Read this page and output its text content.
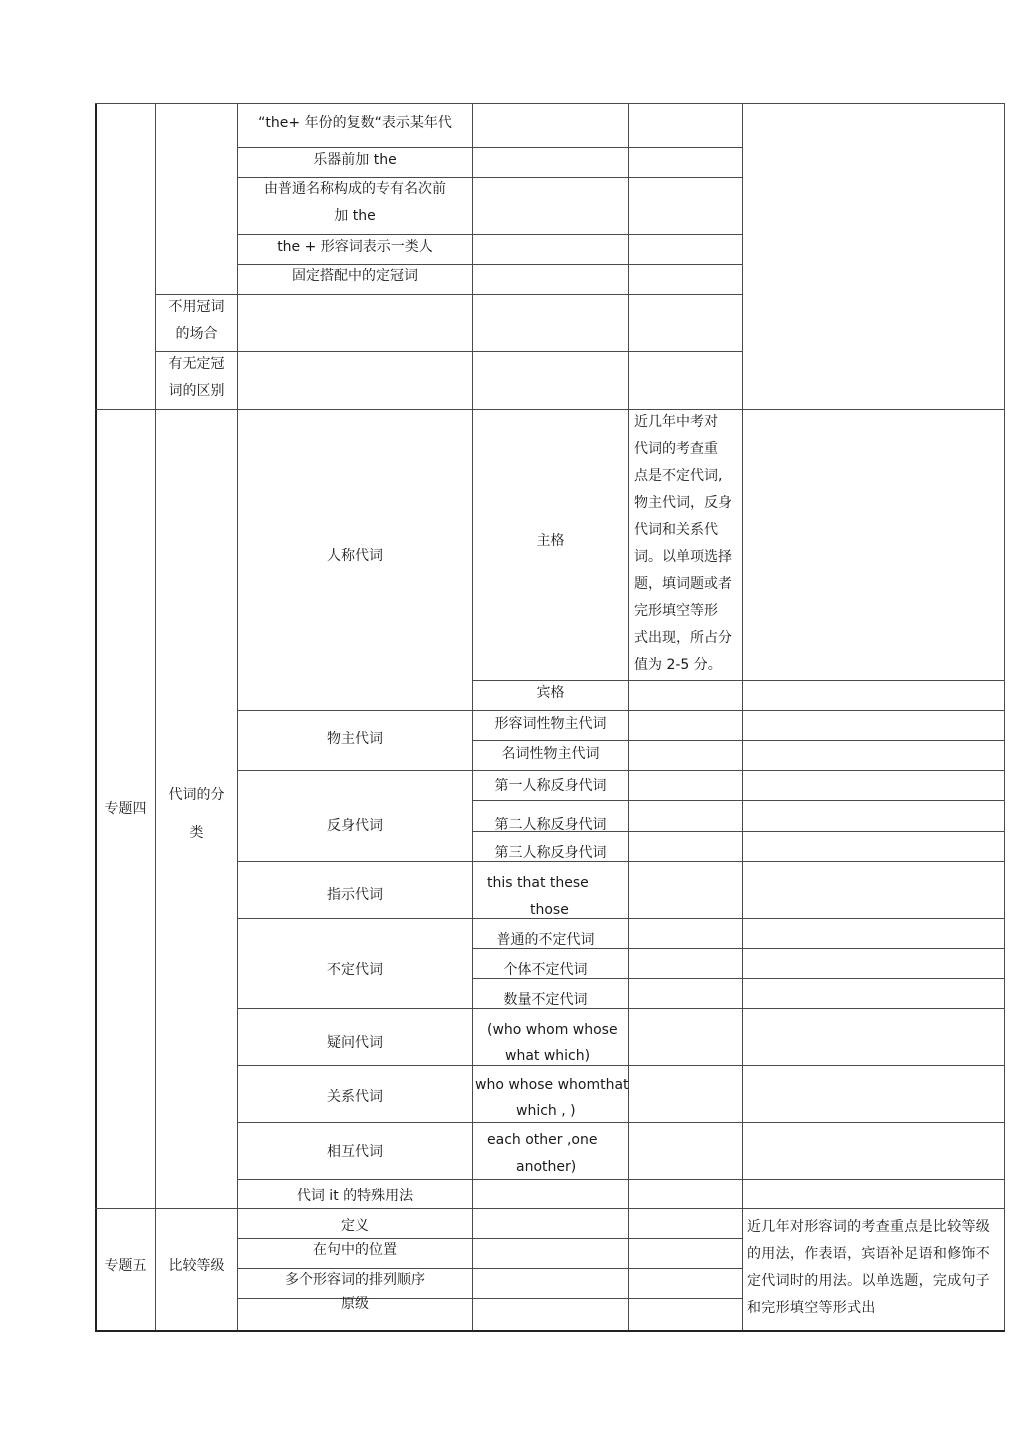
“the+ 年份的复数“表示某年代
乐器前加 the
由普通名称构成的专有名次前
加 the
the + 形容词表示一类人
固定搭配中的定冠词
不用冠词
的场合
有无定冠
词的区别
专题四
代词的分
类
近几年中考对
代词的考查重
点是不定代词,
物主代词，反身
代词和关系代
词。以单项选择
题，填词题或者
完形填空等形
式出现，所占分
值为 2-5 分。
人称代词
主格
宾格
物主代词
形容词性物主代词
名词性物主代词
反身代词
第一人称反身代词
第二人称反身代词
第三人称反身代词
指示代词
this that these
those
不定代词
普通的不定代词
个体不定代词
数量不定代词
疑问代词
(who whom whose
what which)
关系代词
who whose whomthat
which , )
相互代词
each other ,one
another)
代词 it 的特殊用法
专题五	比较等级
定义
在句中的位置
多个形容词的排列顺序
原级
近几年对形容词的考查重点是比较等级的用法，作表语，宾语补足语和修饰不定代词时的用法。以单选题，完成句子和完形填空等形式出
